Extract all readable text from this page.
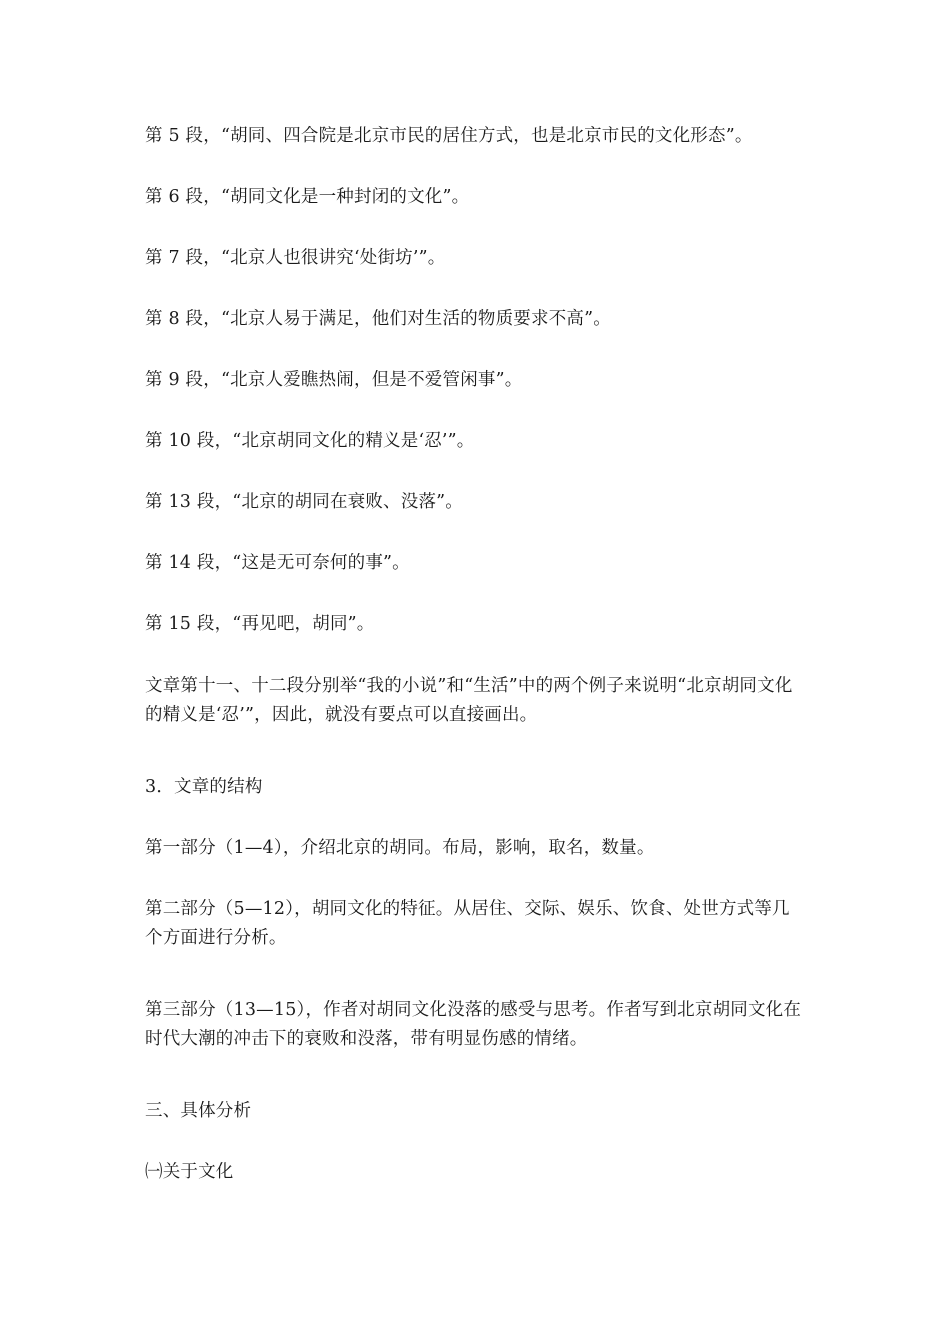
第 5 段，“胡同、四合院是北京市民的居住方式，也是北京市民的文化形态”。

第 6 段，“胡同文化是一种封闭的文化”。

第 7 段，“北京人也很讲究‘处街坊’”。

第 8 段，“北京人易于满足，他们对生活的物质要求不高”。

第 9 段，“北京人爱瞧热闹，但是不爱管闲事”。

第 10 段，“北京胡同文化的精义是‘忍’”。

第 13 段，“北京的胡同在衰败、没落”。

第 14 段，“这是无可奈何的事”。

第 15 段，“再见吧，胡同”。

文章第十一、十二段分别举“我的小说”和“生活”中的两个例子来说明“北京胡同文化的精义是‘忍’”，因此，就没有要点可以直接画出。

3．文章的结构

第一部分（1—4），介绍北京的胡同。布局，影响，取名，数量。

第二部分（5—12），胡同文化的特征。从居住、交际、娱乐、饮食、处世方式等几个方面进行分析。

第三部分（13—15），作者对胡同文化没落的感受与思考。作者写到北京胡同文化在时代大潮的冲击下的衰败和没落，带有明显伤感的情绪。

三、具体分析

㈠关于文化
